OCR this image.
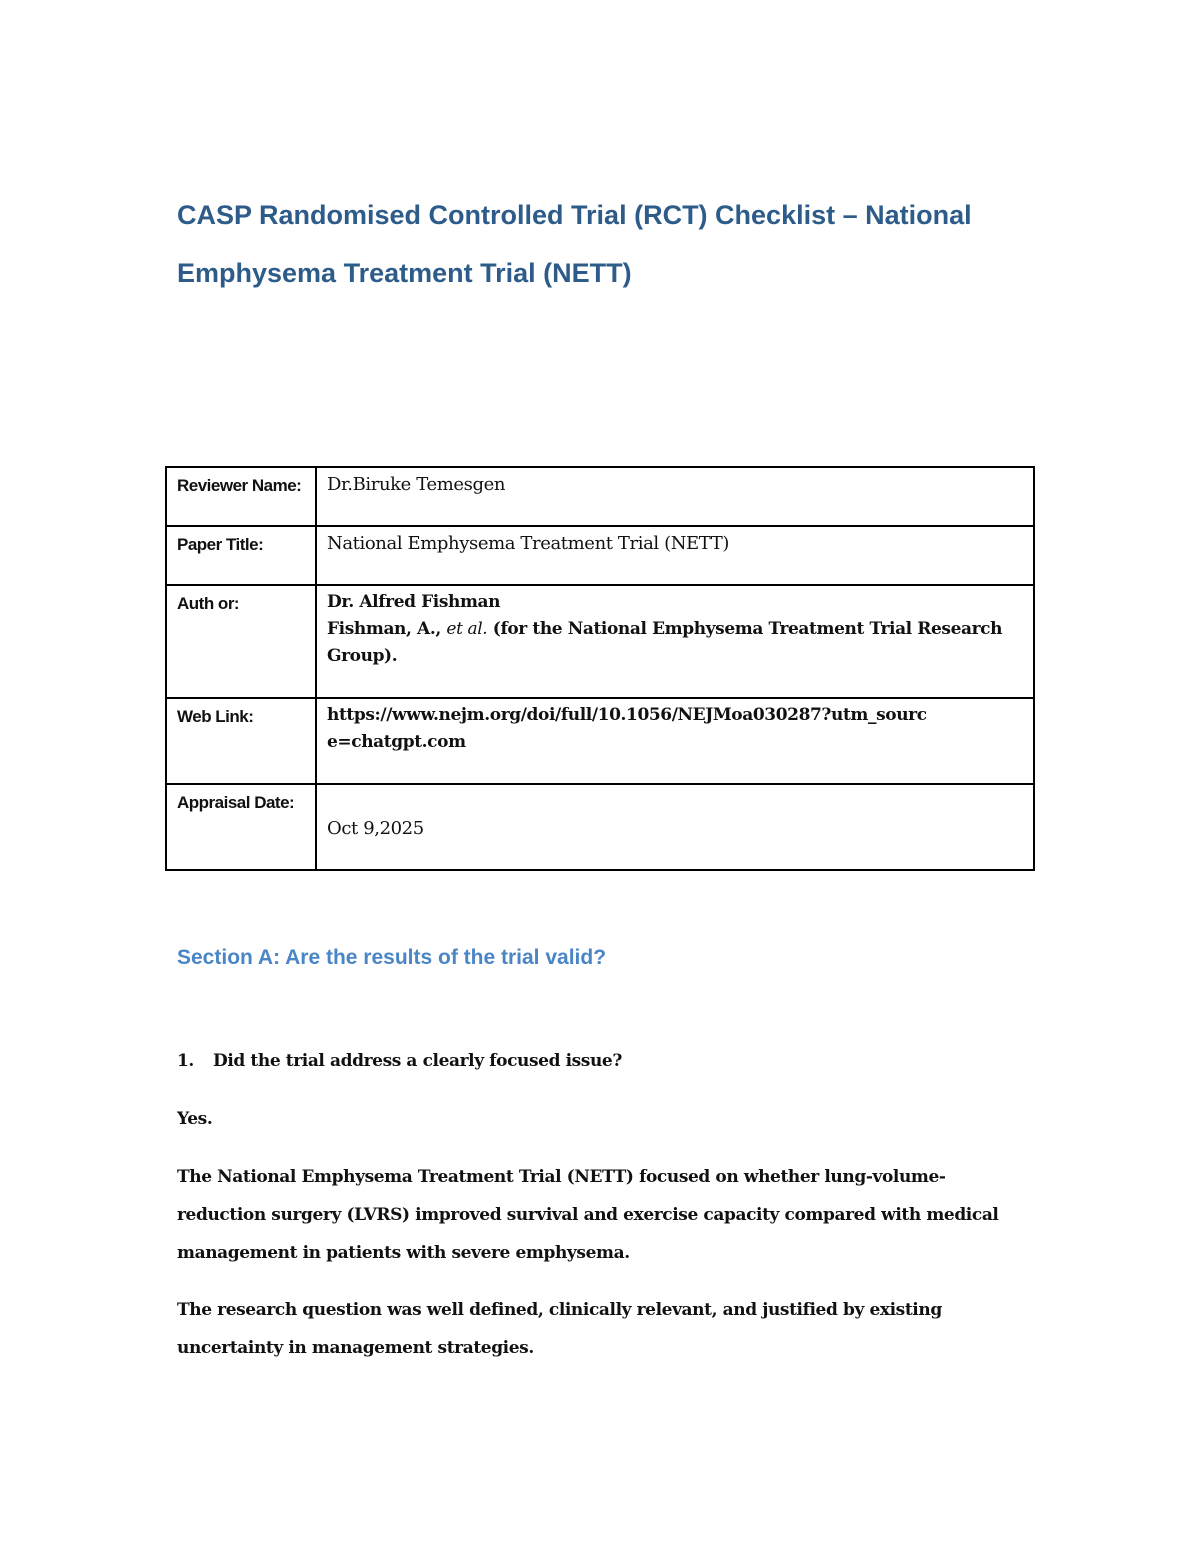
CASP Randomised Controlled Trial (RCT) Checklist – National Emphysema Treatment Trial (NETT)
Reviewer Name:	Dr.Biruke Temesgen
Paper Title:	National Emphysema Treatment Trial (NETT)
Auth or:	Dr. Alfred Fishman
Fishman, A., et al. (for the National Emphysema Treatment Trial Research Group).

Web Link:	https://www.nejm.org/doi/full/10.1056/NEJMoa030287?utm_source=chatgpt.com
Appraisal Date:	Oct 9,2025
Section A: Are the results of the trial valid?

1. Did the trial address a clearly focused issue?

Yes.

The National Emphysema Treatment Trial (NETT) focused on whether lung-volume-reduction surgery (LVRS) improved survival and exercise capacity compared with medical management in patients with severe emphysema.

The research question was well defined, clinically relevant, and justified by existing uncertainty in management strategies.
